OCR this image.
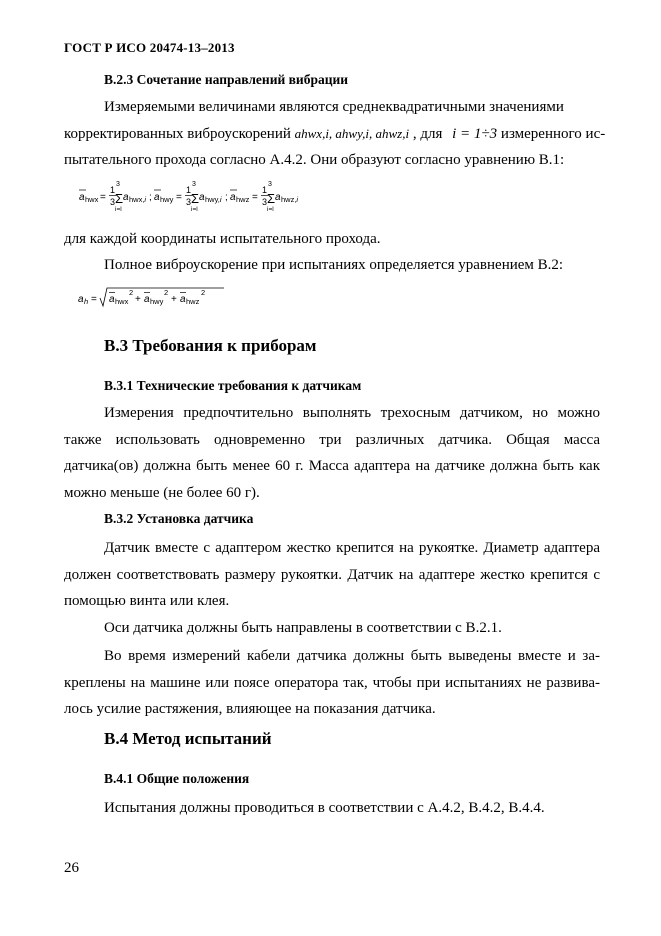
ГОСТ Р ИСО 20474-13–2013
B.2.3 Сочетание направлений вибрации
Измеряемыми величинами являются среднеквадратичными значениями
корректированных виброускорений ahwx,i, ahwy,i, ahwz,i , для i = 1÷3 измеренного ис-
пытательного прохода согласно А.4.2. Они образуют согласно уравнению В.1:
a hwx =
1
3
3
Σ
i=l
a hwx,i ; a hwy =
1
3
3
Σ
i=l
a hwy,i ; a hwz =
1
3
3
Σ
i=l
a hwz,i
для каждой координаты испытательного прохода.
Полное виброускорение при испытаниях определяется уравнением В.2:
a h = a hwx
2
+ a hwy
2
+ a hwz
2
В.3 Требования к приборам
В.3.1 Технические требования к датчикам
Измерения предпочтительно выполнять трехосным датчиком, но можно
также использовать одновременно три различных датчика. Общая масса
датчика(ов) должна быть менее 60 г. Масса адаптера на датчике должна быть как
можно меньше (не более 60 г).
В.3.2 Установка датчика
Датчик вместе с адаптером жестко крепится на рукоятке. Диаметр адаптера
должен соответствовать размеру рукоятки. Датчик на адаптере жестко крепится с
помощью винта или клея.
Оси датчика должны быть направлены в соответствии с В.2.1.
Во время измерений кабели датчика должны быть выведены вместе и за-
креплены на машине или поясе оператора так, чтобы при испытаниях не развива-
лось усилие растяжения, влияющее на показания датчика.
В.4 Метод испытаний
В.4.1 Общие положения
Испытания должны проводиться в соответствии с А.4.2, В.4.2, В.4.4.
26
